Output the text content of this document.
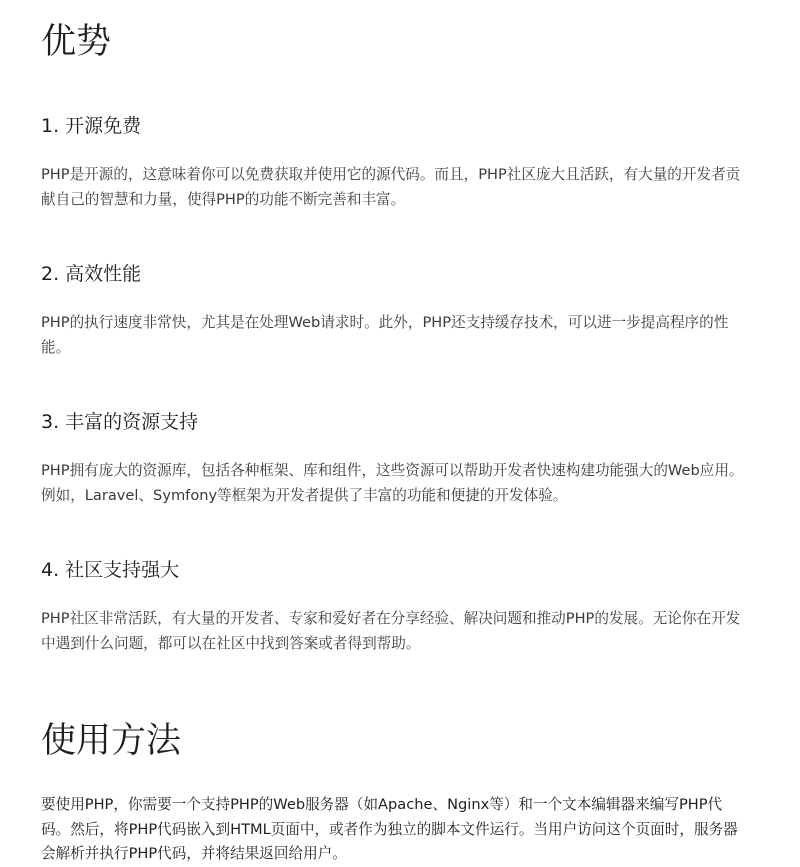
优势
1. 开源免费

PHP是开源的，这意味着你可以免费获取并使用它的源代码。而且，PHP社区庞大且活跃，有大量的开发者贡献自己的智慧和力量，使得PHP的功能不断完善和丰富。

2. 高效性能

PHP的执行速度非常快，尤其是在处理Web请求时。此外，PHP还支持缓存技术，可以进一步提高程序的性能。

3. 丰富的资源支持

PHP拥有庞大的资源库，包括各种框架、库和组件，这些资源可以帮助开发者快速构建功能强大的Web应用。例如，Laravel、Symfony等框架为开发者提供了丰富的功能和便捷的开发体验。

4. 社区支持强大

PHP社区非常活跃，有大量的开发者、专家和爱好者在分享经验、解决问题和推动PHP的发展。无论你在开发中遇到什么问题，都可以在社区中找到答案或者得到帮助。

使用方法

要使用PHP，你需要一个支持PHP的Web服务器（如Apache、Nginx等）和一个文本编辑器来编写PHP代码。然后，将PHP代码嵌入到HTML页面中，或者作为独立的脚本文件运行。当用户访问这个页面时，服务器会解析并执行PHP代码，并将结果返回给用户。
